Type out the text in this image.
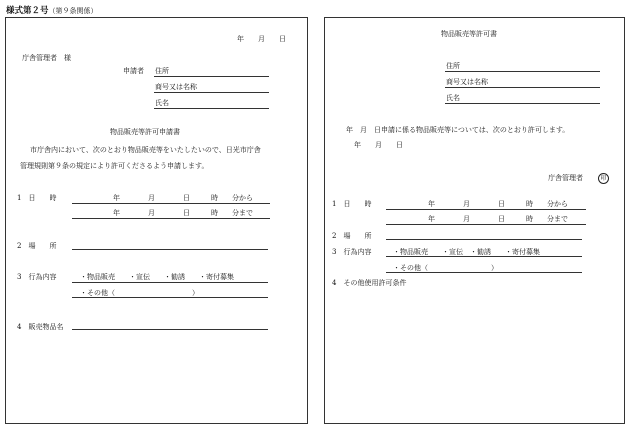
様式第２号（第９条関係）
年　　月　　日
庁舎管理者　様
申請者 住所
商号又は名称
氏名
物品販売等許可申請書
市庁舎内において、次のとおり物品販売等をいたしたいので、日光市庁舎
管理規則第９条の規定により許可くださるよう申請します。
1　日　　時	年　　　　月　　　　日　　　時　　分から
年　　　　月　　　　日　　　時　　分まで
2　場　　所
3　行為内容	・物品販売　　・宣伝　　・勧誘　　・寄付募集
・その他（　　　　　　　　　　　）
4　販売物品名
物品販売等許可書
住所
商号又は名称
氏名
年　月　日申請に係る物品販売等については、次のとおり許可します。
年　　月　　日
庁舎管理者	印
1　日　　時	年　　　　月　　　　日　　　時　　分から
年　　　　月　　　　日　　　時　　分まで
2　場　　所
3　行為内容	・物品販売　　・宣伝　・勧誘　　・寄付募集
・その他（　　　　　　　　　）
4　その他使用許可条件
